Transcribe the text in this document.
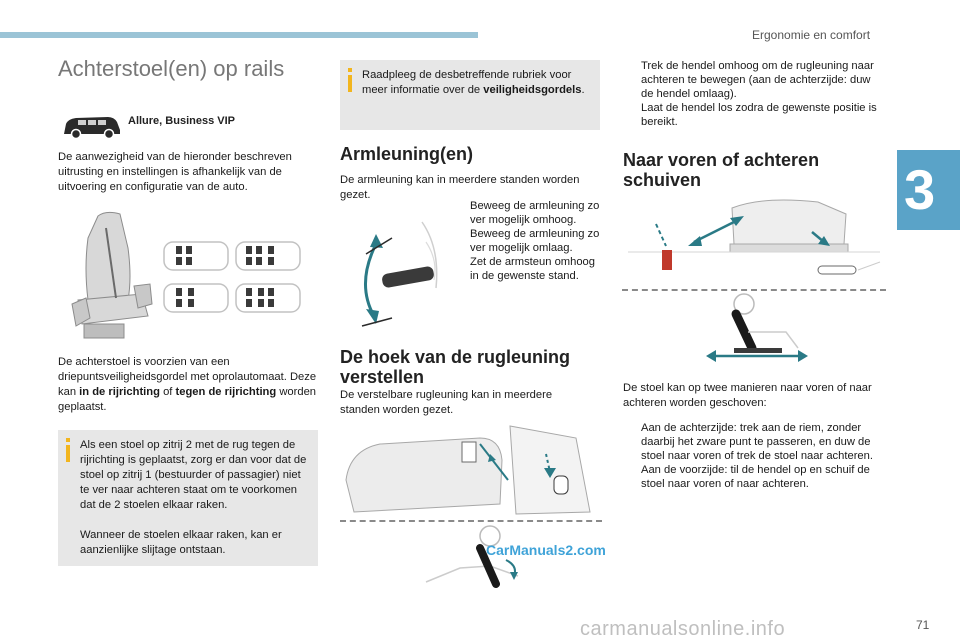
Ergonomie en comfort
3
Achterstoel(en) op rails
Allure, Business VIP
De aanwezigheid van de hieronder beschreven uitrusting en instellingen is afhankelijk van de uitvoering en configuratie van de auto.
De achterstoel is voorzien van een driepuntsveiligheidsgordel met oprolautomaat. Deze kan in de rijrichting of tegen de rijrichting worden geplaatst.
Als een stoel op zitrij 2 met de rug tegen de rijrichting is geplaatst, zorg er dan voor dat de stoel op zitrij 1 (bestuurder of passagier) niet te ver naar achteren staat om te voorkomen dat de 2 stoelen elkaar raken.
Wanneer de stoelen elkaar raken, kan er aanzienlijke slijtage ontstaan.
Raadpleeg de desbetreffende rubriek voor meer informatie over de veiligheidsgordels.
Armleuning(en)
De armleuning kan in meerdere standen worden gezet.
Beweeg de armleuning zo ver mogelijk omhoog.
Beweeg de armleuning zo ver mogelijk omlaag.
Zet de armsteun omhoog in de gewenste stand.
De hoek van de rugleuning verstellen
De verstelbare rugleuning kan in meerdere standen worden gezet.
CarManuals2.com
Trek de hendel omhoog om de rugleuning naar achteren te bewegen (aan de achterzijde: duw de hendel omlaag).
Laat de hendel los zodra de gewenste positie is bereikt.
Naar voren of achteren schuiven
De stoel kan op twee manieren naar voren of naar achteren worden geschoven:
Aan de achterzijde: trek aan de riem, zonder daarbij het zware punt te passeren, en duw de stoel naar voren of trek de stoel naar achteren.
Aan de voorzijde: til de hendel op en schuif de stoel naar voren of naar achteren.
carmanualsonline.info	71
